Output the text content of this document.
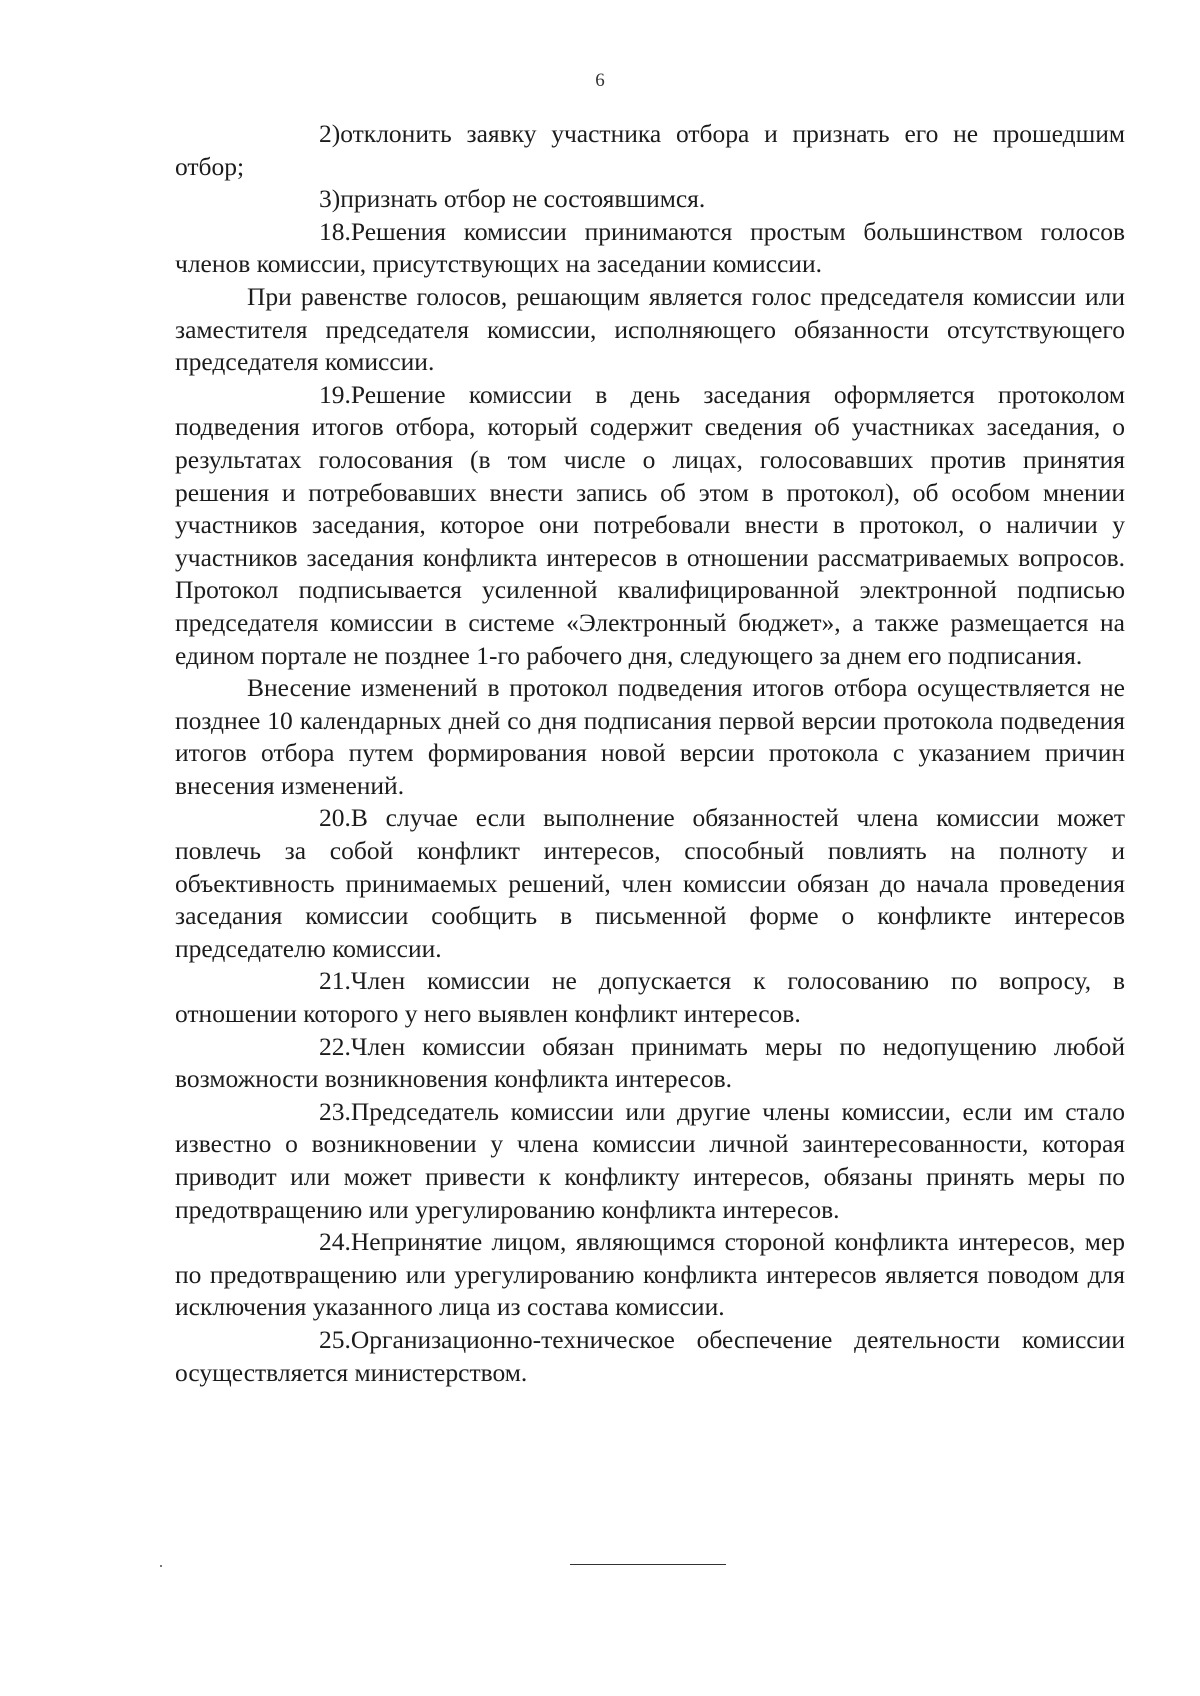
6

2)отклонить заявку участника отбора и признать его не прошедшим отбор;

3)признать отбор не состоявшимся.

18.Решения комиссии принимаются простым большинством голосов членов комиссии, присутствующих на заседании комиссии.

При равенстве голосов, решающим является голос председателя комиссии или заместителя председателя комиссии, исполняющего обязанности отсутствующего председателя комиссии.

19.Решение комиссии в день заседания оформляется протоколом подведения итогов отбора, который содержит сведения об участниках заседания, о результатах голосования (в том числе о лицах, голосовавших против принятия решения и потребовавших внести запись об этом в протокол), об особом мнении участников заседания, которое они потребовали внести в протокол, о наличии у участников заседания конфликта интересов в отношении рассматриваемых вопросов. Протокол подписывается усиленной квалифицированной электронной подписью председателя комиссии в системе «Электронный бюджет», а также размещается на едином портале не позднее 1-го рабочего дня, следующего за днем его подписания.

Внесение изменений в протокол подведения итогов отбора осуществляется не позднее 10 календарных дней со дня подписания первой версии протокола подведения итогов отбора путем формирования новой версии протокола с указанием причин внесения изменений.

20.В случае если выполнение обязанностей члена комиссии может повлечь за собой конфликт интересов, способный повлиять на полноту и объективность принимаемых решений, член комиссии обязан до начала проведения заседания комиссии сообщить в письменной форме о конфликте интересов председателю комиссии.

21.Член комиссии не допускается к голосованию по вопросу, в отношении которого у него выявлен конфликт интересов.

22.Член комиссии обязан принимать меры по недопущению любой возможности возникновения конфликта интересов.

23.Председатель комиссии или другие члены комиссии, если им стало известно о возникновении у члена комиссии личной заинтересованности, которая приводит или может привести к конфликту интересов, обязаны принять меры по предотвращению или урегулированию конфликта интересов.

24.Непринятие лицом, являющимся стороной конфликта интересов, мер по предотвращению или урегулированию конфликта интересов является поводом для исключения указанного лица из состава комиссии.

25.Организационно-техническое обеспечение деятельности комиссии осуществляется министерством.
